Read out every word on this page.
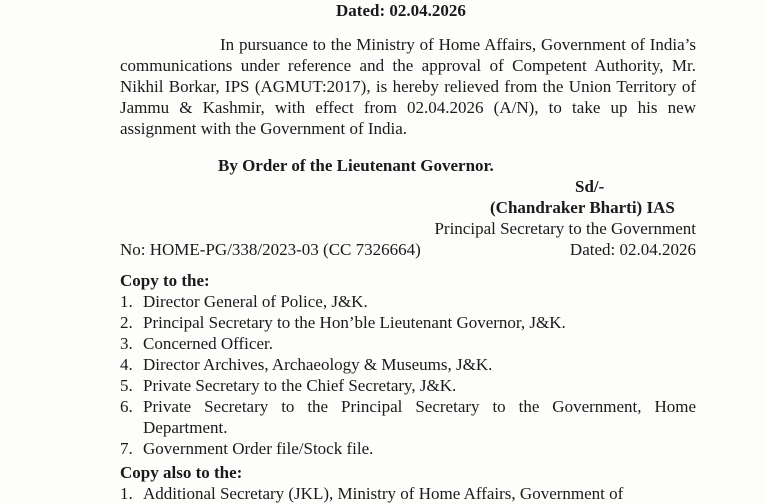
Dated: 02.04.2026
In pursuance to the Ministry of Home Affairs, Government of India’s communications under reference and the approval of Competent Authority, Mr. Nikhil Borkar, IPS (AGMUT:2017), is hereby relieved from the Union Territory of Jammu & Kashmir, with effect from 02.04.2026 (A/N), to take up his new assignment with the Government of India.
By Order of the Lieutenant Governor.
Sd/-
(Chandraker Bharti) IAS
Principal Secretary to the Government
No: HOME-PG/338/2023-03 (CC 7326664)	Dated: 02.04.2026
Copy to the:
1. Director General of Police, J&K.
2. Principal Secretary to the Hon’ble Lieutenant Governor, J&K.
3. Concerned Officer.
4. Director Archives, Archaeology & Museums, J&K.
5. Private Secretary to the Chief Secretary, J&K.
6. Private Secretary to the Principal Secretary to the Government, Home Department.
7. Government Order file/Stock file.
Copy also to the:
1. Additional Secretary (JKL), Ministry of Home Affairs, Government of
